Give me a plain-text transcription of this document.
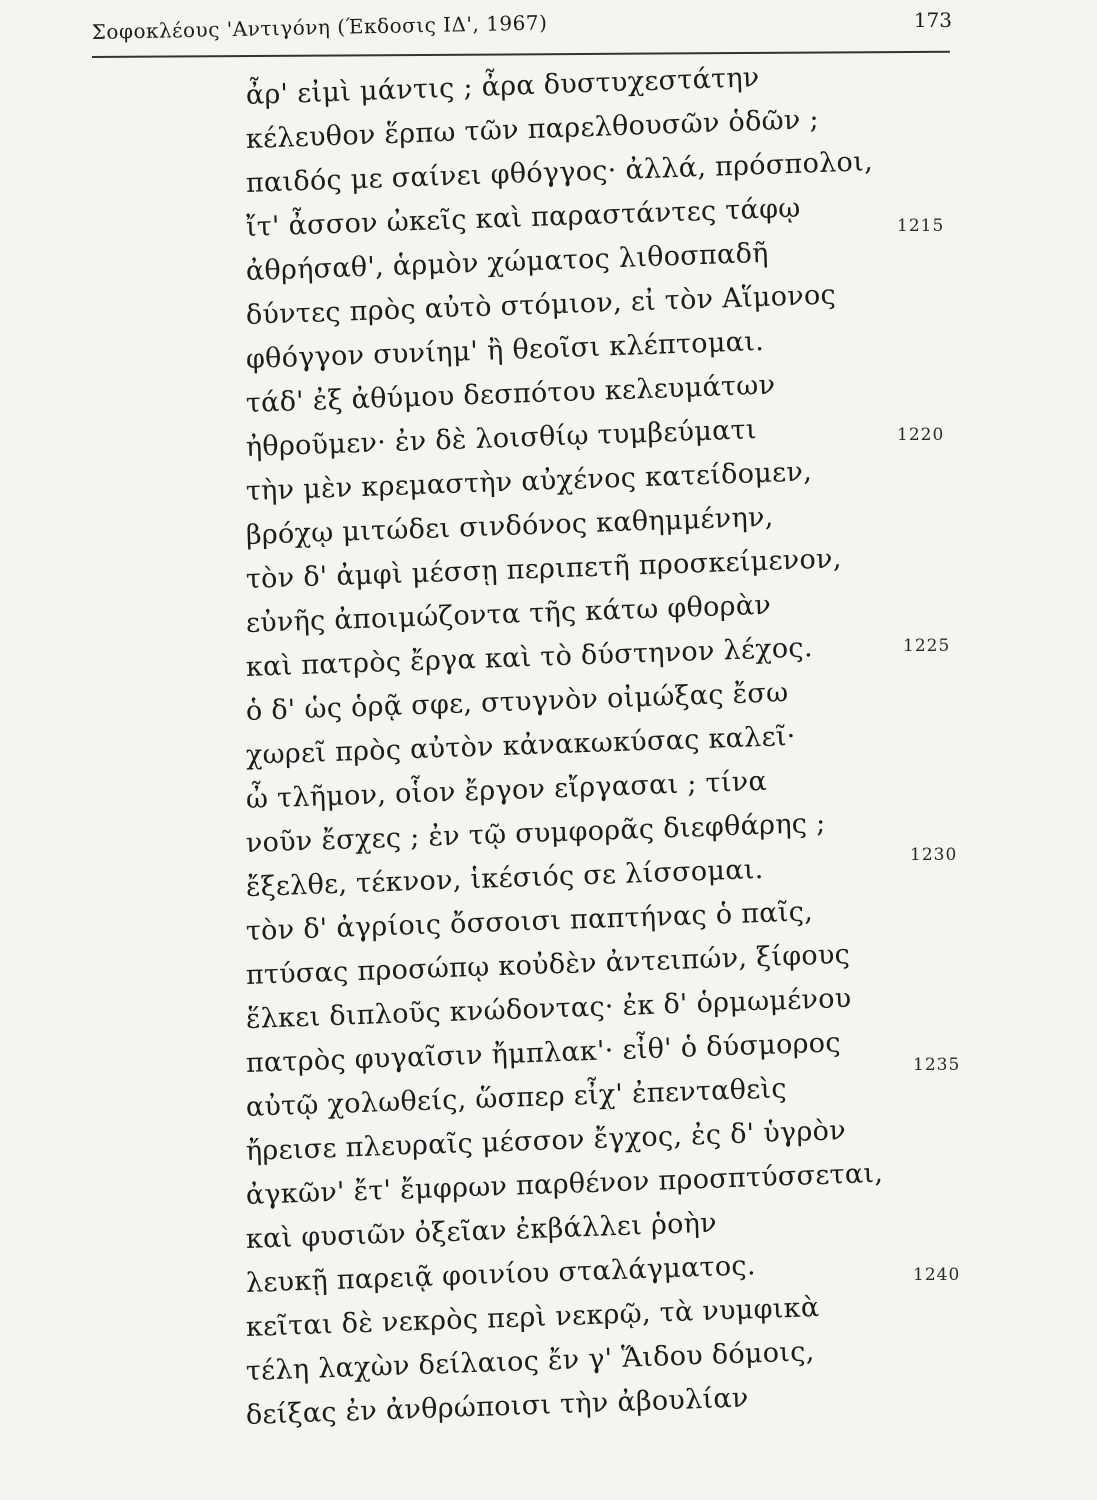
Σοφοκλέους 'Αντιγόνη (Έκδοσις ΙΔ', 1967)	173
ἆρ' εἰμὶ μάντις ; ἆρα δυστυχεστάτην
κέλευθον ἕρπω τῶν παρελθουσῶν ὁδῶν ;
παιδός με σαίνει φθόγγος· ἀλλά, πρόσπολοι,
ἴτ' ἆσσον ὠκεῖς καὶ παραστάντες τάφῳ
ἀθρήσαθ', ἁρμὸν χώματος λιθοσπαδῆ
δύντες πρὸς αὐτὸ στόμιον, εἰ τὸν Αἵμονος
φθόγγον συνίημ' ἢ θεοῖσι κλέπτομαι.
τάδ' ἐξ ἀθύμου δεσπότου κελευμάτων
ἠθροῦμεν· ἐν δὲ λοισθίῳ τυμβεύματι
τὴν μὲν κρεμαστὴν αὐχένος κατείδομεν,
βρόχῳ μιτώδει σινδόνος καθημμένην,
τὸν δ' ἀμφὶ μέσσῃ περιπετῆ προσκείμενον,
εὐνῆς ἀποιμώζοντα τῆς κάτω φθορὰν
καὶ πατρὸς ἔργα καὶ τὸ δύστηνον λέχος.
ὁ δ' ὡς ὁρᾷ σφε, στυγνὸν οἰμώξας ἔσω
χωρεῖ πρὸς αὐτὸν κἀνακωκύσας καλεῖ·
ὦ τλῆμον, οἷον ἔργον εἴργασαι ; τίνα
νοῦν ἔσχες ; ἐν τῷ συμφορᾶς διεφθάρης ;
ἔξελθε, τέκνον, ἱκέσιός σε λίσσομαι.
τὸν δ' ἀγρίοις ὄσσοισι παπτήνας ὁ παῖς,
πτύσας προσώπῳ κοὐδὲν ἀντειπών, ξίφους
ἕλκει διπλοῦς κνώδοντας· ἐκ δ' ὁρμωμένου
πατρὸς φυγαῖσιν ἤμπλακ'· εἶθ' ὁ δύσμορος
αὐτῷ χολωθείς, ὥσπερ εἶχ' ἐπενταθεὶς
ἤρεισε πλευραῖς μέσσον ἔγχος, ἐς δ' ὑγρὸν
ἀγκῶν' ἔτ' ἔμφρων παρθένον προσπτύσσεται,
καὶ φυσιῶν ὀξεῖαν ἐκβάλλει ῥοὴν
λευκῇ παρειᾷ φοινίου σταλάγματος.
κεῖται δὲ νεκρὸς περὶ νεκρῷ, τὰ νυμφικὰ
τέλη λαχὼν δείλαιος ἔν γ' Ἅιδου δόμοις,
δείξας ἐν ἀνθρώποισι τὴν ἀβουλίαν
1215
1220
1225
1230
1235
1240
